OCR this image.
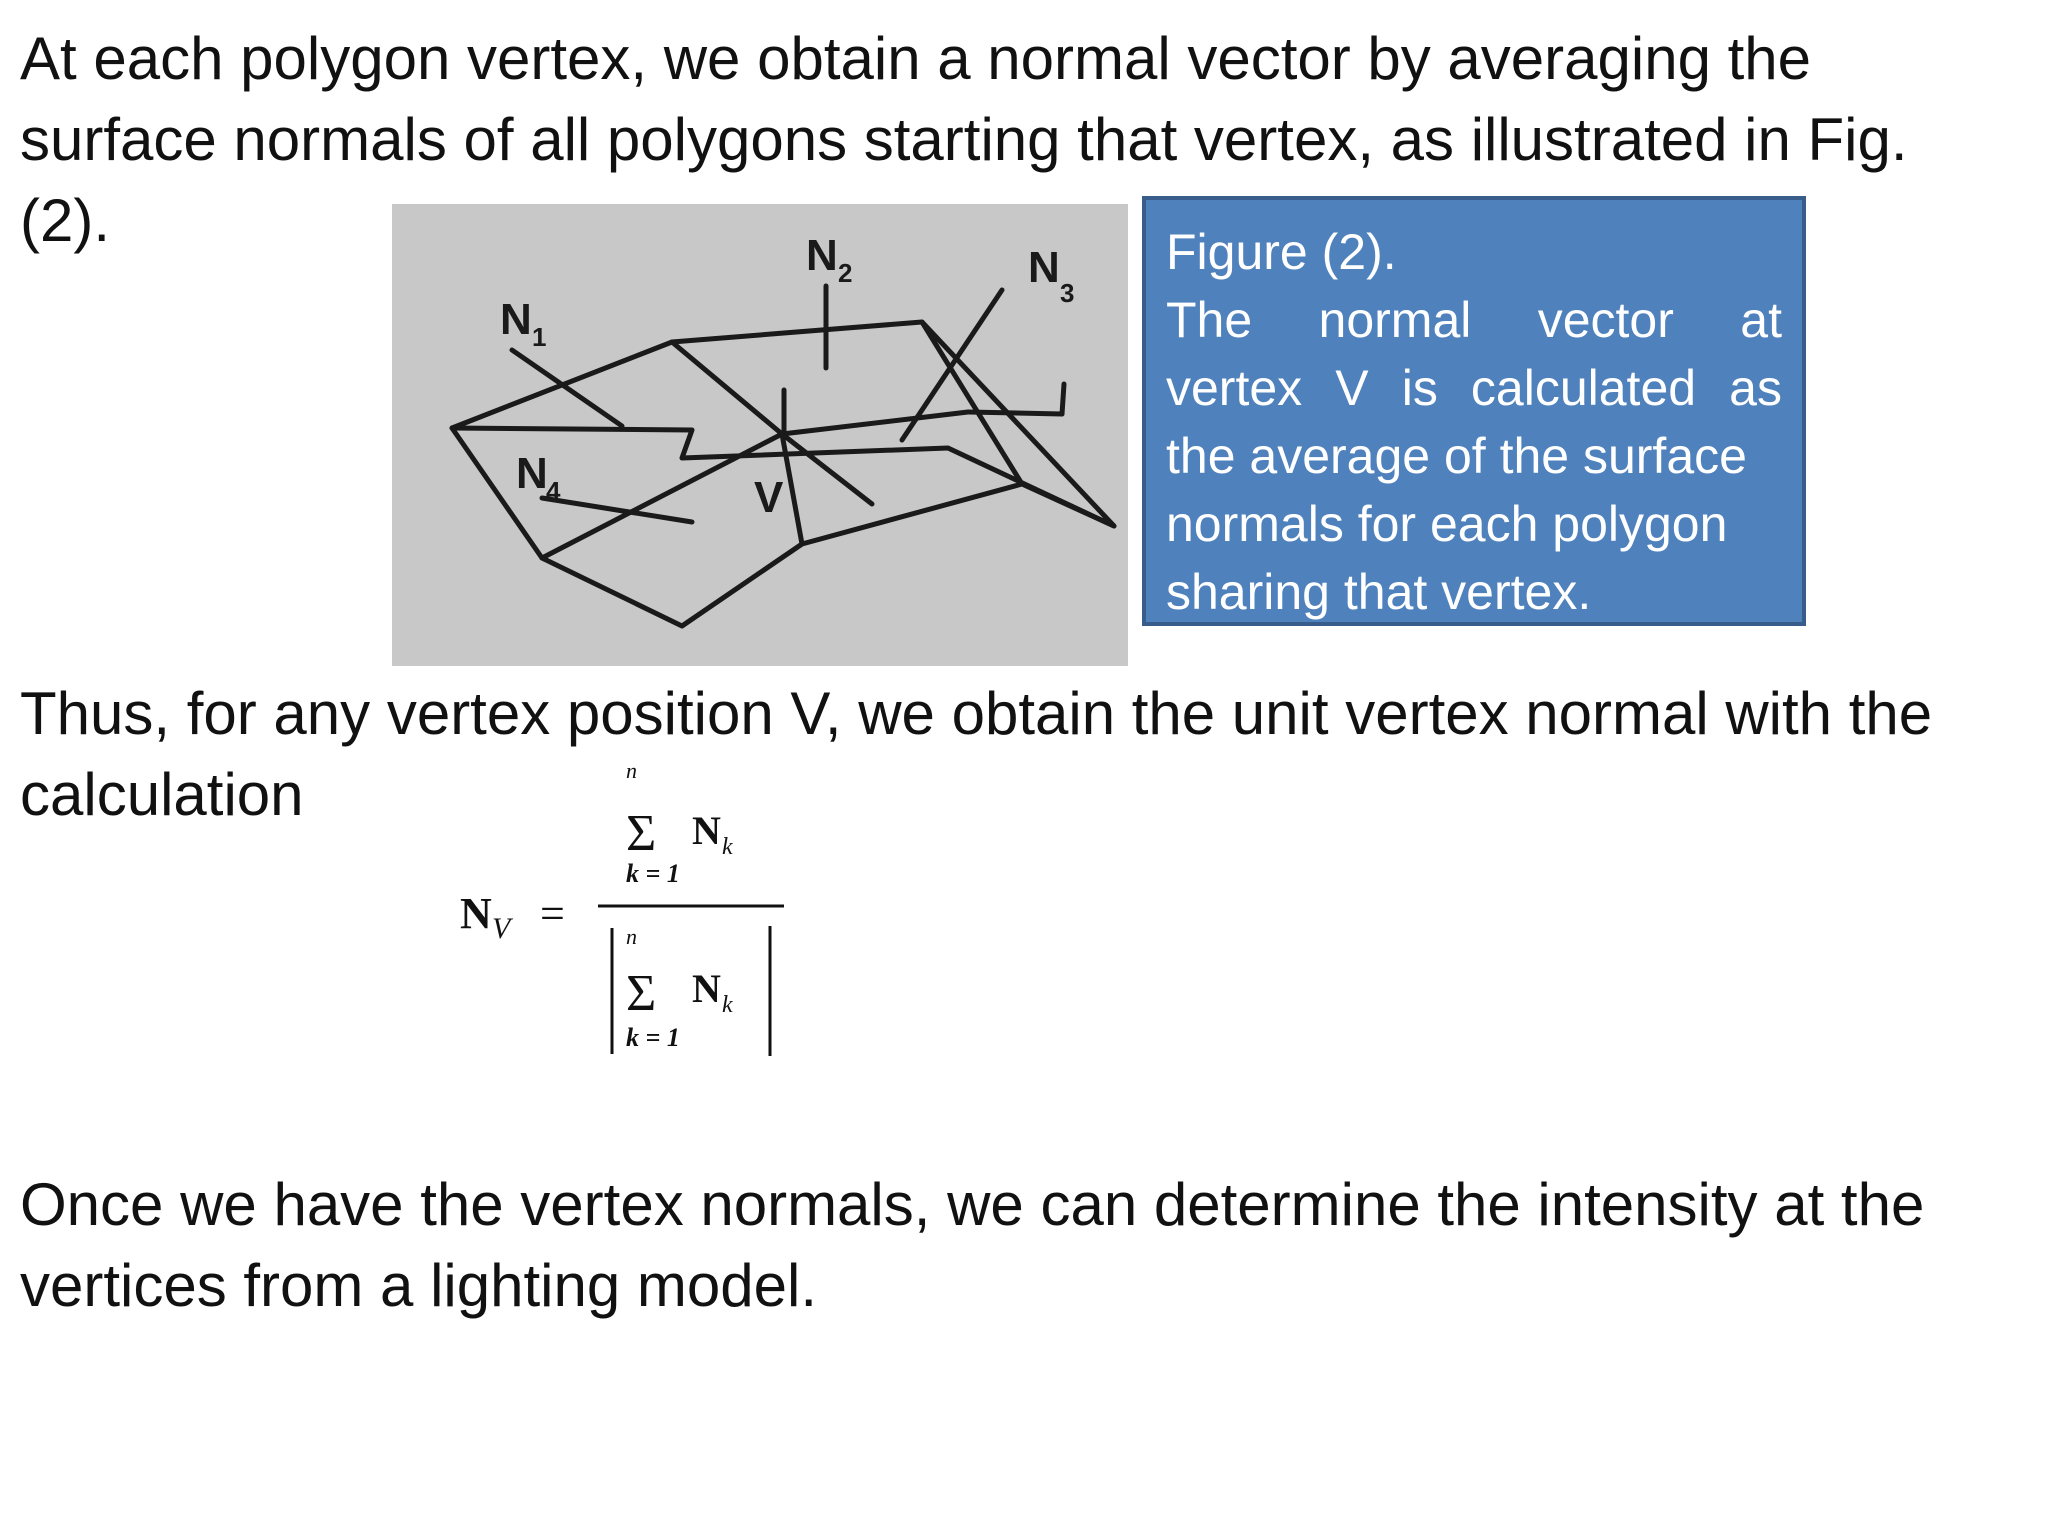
At each polygon vertex, we obtain a normal vector by averaging the

surface normals of all polygons starting that vertex, as illustrated in Fig.

(2).

N 1
N 2	N
3
N
4	V
Figure (2).
The normal vector at
vertex V is calculated as
the average of the surface
normals for each polygon
sharing that vertex.

Thus, for any vertex position V, we obtain the unit vertex normal with the

calculation

N V =
n
Σ N k
k = 1
n
Σ N k
k = 1

Once we have the vertex normals, we can determine the intensity at the

vertices from a lighting model.
